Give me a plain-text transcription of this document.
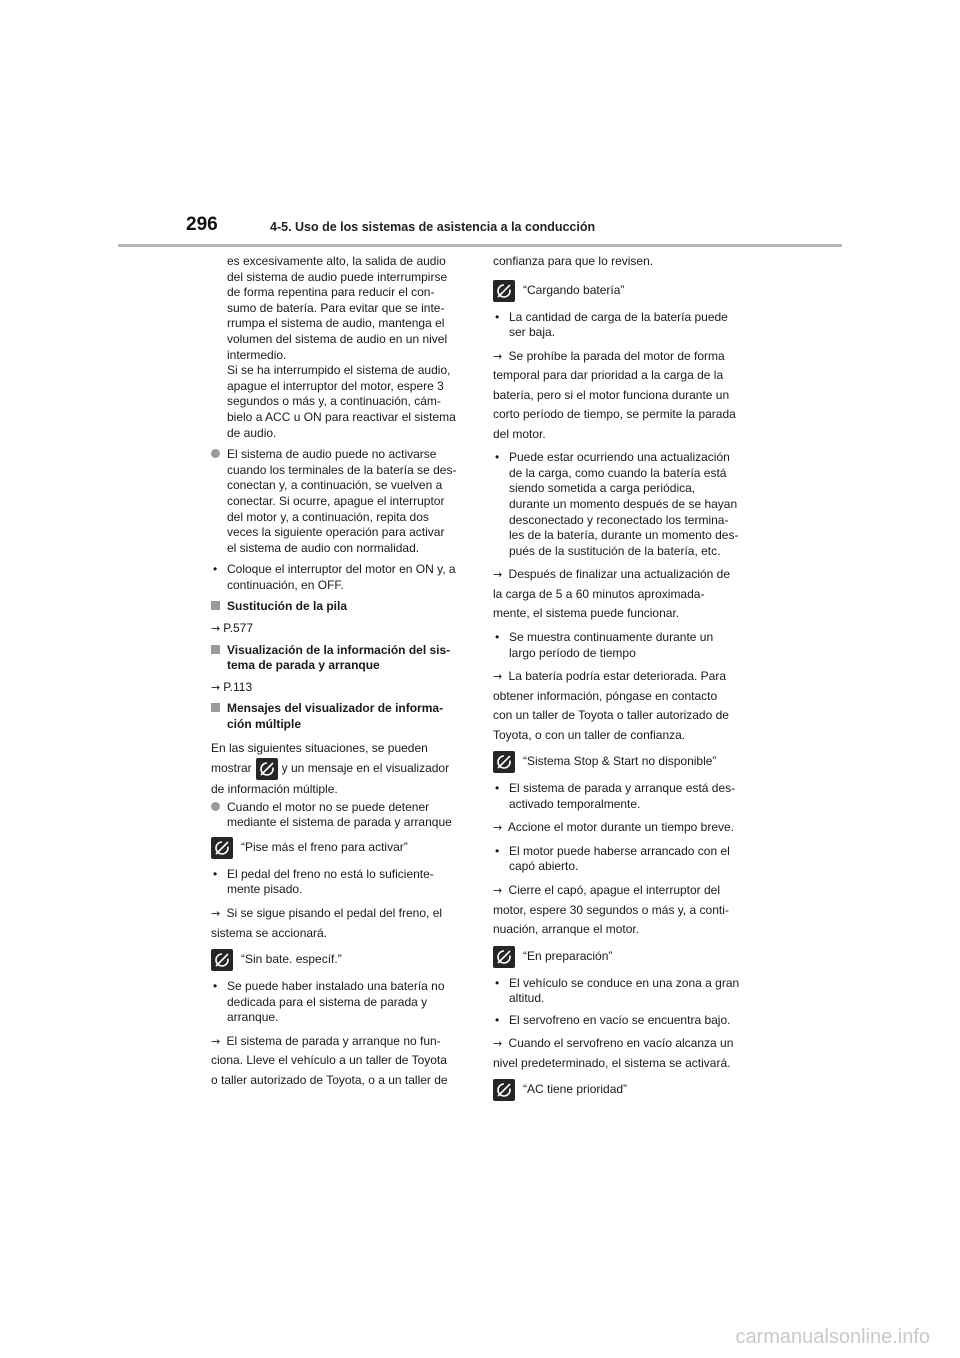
296	4-5. Uso de los sistemas de asistencia a la conducción
es excesivamente alto, la salida de audio
del sistema de audio puede interrumpirse
de forma repentina para reducir el con-
sumo de batería. Para evitar que se inte-
rrumpa el sistema de audio, mantenga el
volumen del sistema de audio en un nivel
intermedio.
Si se ha interrumpido el sistema de audio,
apague el interruptor del motor, espere 3
segundos o más y, a continuación, cám-
bielo a ACC u ON para reactivar el sistema
de audio.
El sistema de audio puede no activarse
cuando los terminales de la batería se des-
conectan y, a continuación, se vuelven a
conectar. Si ocurre, apague el interruptor
del motor y, a continuación, repita dos
veces la siguiente operación para activar
el sistema de audio con normalidad.
• Coloque el interruptor del motor en ON y, a
continuación, en OFF.
Sustitución de la pila
→ P.577
Visualización de la información del sis-
tema de parada y arranque
→ P.113
Mensajes del visualizador de informa-
ción múltiple
En las siguientes situaciones, se pueden
mostrar	y un mensaje en el visualizador
de información múltiple.
Cuando el motor no se puede detener
mediante el sistema de parada y arranque
“Pise más el freno para activar”
• El pedal del freno no está lo suficiente-
mente pisado.
→ Si se sigue pisando el pedal del freno, el
sistema se accionará.
“Sin bate. específ.”
• Se puede haber instalado una batería no
dedicada para el sistema de parada y
arranque.
→ El sistema de parada y arranque no fun-
ciona. Lleve el vehículo a un taller de Toyota
o taller autorizado de Toyota, o a un taller de
confianza para que lo revisen.
“Cargando batería”
• La cantidad de carga de la batería puede
ser baja.
→ Se prohíbe la parada del motor de forma
temporal para dar prioridad a la carga de la
batería, pero si el motor funciona durante un
corto período de tiempo, se permite la parada
del motor.
• Puede estar ocurriendo una actualización
de la carga, como cuando la batería está
siendo sometida a carga periódica,
durante un momento después de se hayan
desconectado y reconectado los termina-
les de la batería, durante un momento des-
pués de la sustitución de la batería, etc.
→ Después de finalizar una actualización de
la carga de 5 a 60 minutos aproximada-
mente, el sistema puede funcionar.
• Se muestra continuamente durante un
largo período de tiempo
→ La batería podría estar deteriorada. Para
obtener información, póngase en contacto
con un taller de Toyota o taller autorizado de
Toyota, o con un taller de confianza.
“Sistema Stop & Start no disponible”
• El sistema de parada y arranque está des-
activado temporalmente.
→ Accione el motor durante un tiempo breve.
• El motor puede haberse arrancado con el
capó abierto.
→ Cierre el capó, apague el interruptor del
motor, espere 30 segundos o más y, a conti-
nuación, arranque el motor.
“En preparación”
• El vehículo se conduce en una zona a gran
altitud.
• El servofreno en vacío se encuentra bajo.
→ Cuando el servofreno en vacío alcanza un
nivel predeterminado, el sistema se activará.
“AC tiene prioridad”
carmanualsonline.info
